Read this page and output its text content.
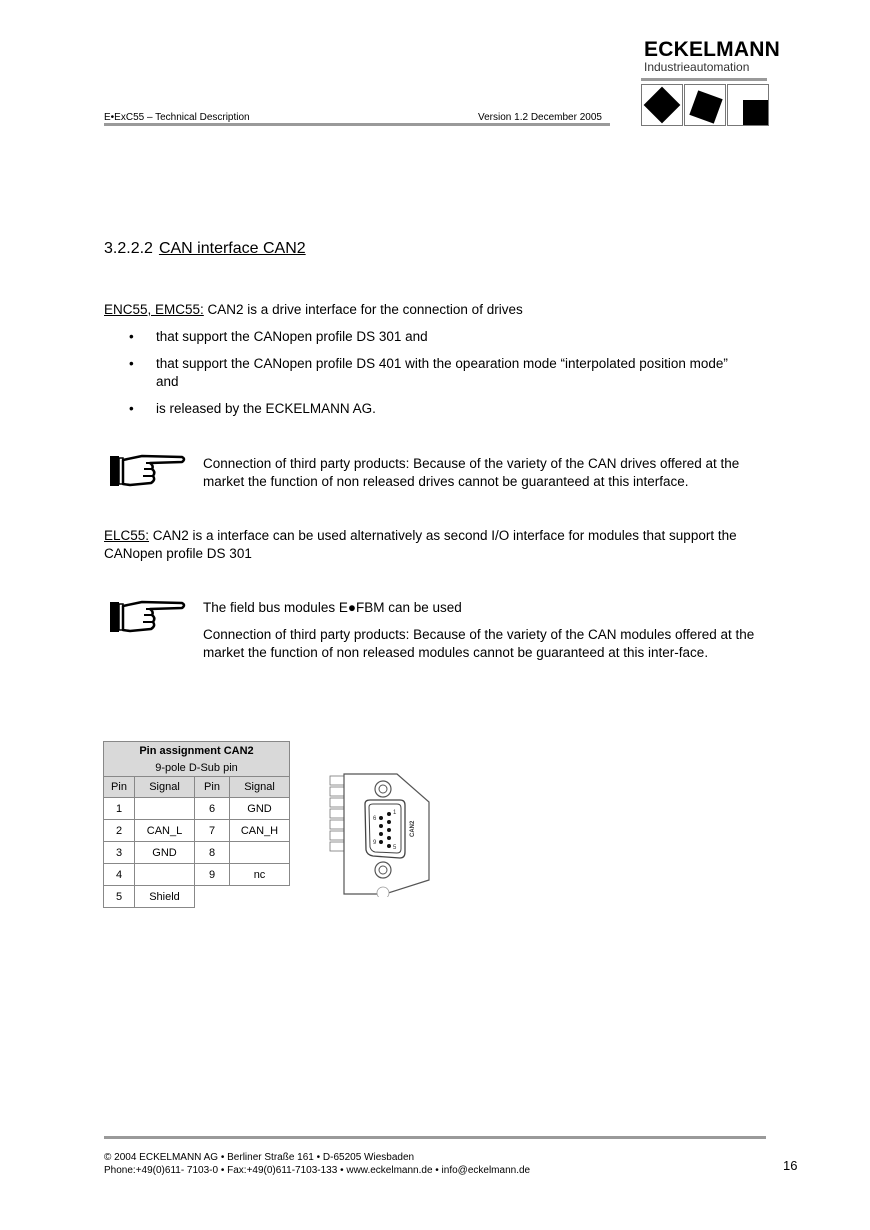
E•ExC55 – Technical Description	Version 1.2 December 2005
ECKELMANN
Industrieautomation
3.2.2.2 CAN interface CAN2
ENC55, EMC55: CAN2 is a drive interface for the connection of drives
• that support the CANopen profile DS 301 and
• that support the CANopen profile DS 401 with the opearation mode “interpolated position mode” and
• is released by the ECKELMANN AG.
Connection of third party products: Because of the variety of the CAN drives offered at the market the function of non released drives cannot be guaranteed at this interface.
ELC55: CAN2 is a interface can be used alternatively as second I/O interface for modules that support the CANopen profile DS 301
The field bus modules E●FBM can be used
Connection of third party products: Because of the variety of the CAN modules offered at the market the function of non released modules cannot be guaranteed at this inter-face.
Pin assignment CAN2			
9-pole D-Sub pin			
Pin	Signal	Pin	Signal
1		6	GND
2	CAN_L	7	CAN_H
3	GND	8	
4		9	nc
5	Shield		
1
5
6
9
CAN2
© 2004 ECKELMANN AG • Berliner Straße 161 • D-65205 Wiesbaden
Phone:+49(0)611- 7103-0 • Fax:+49(0)611-7103-133 • www.eckelmann.de • info@eckelmann.de	16
